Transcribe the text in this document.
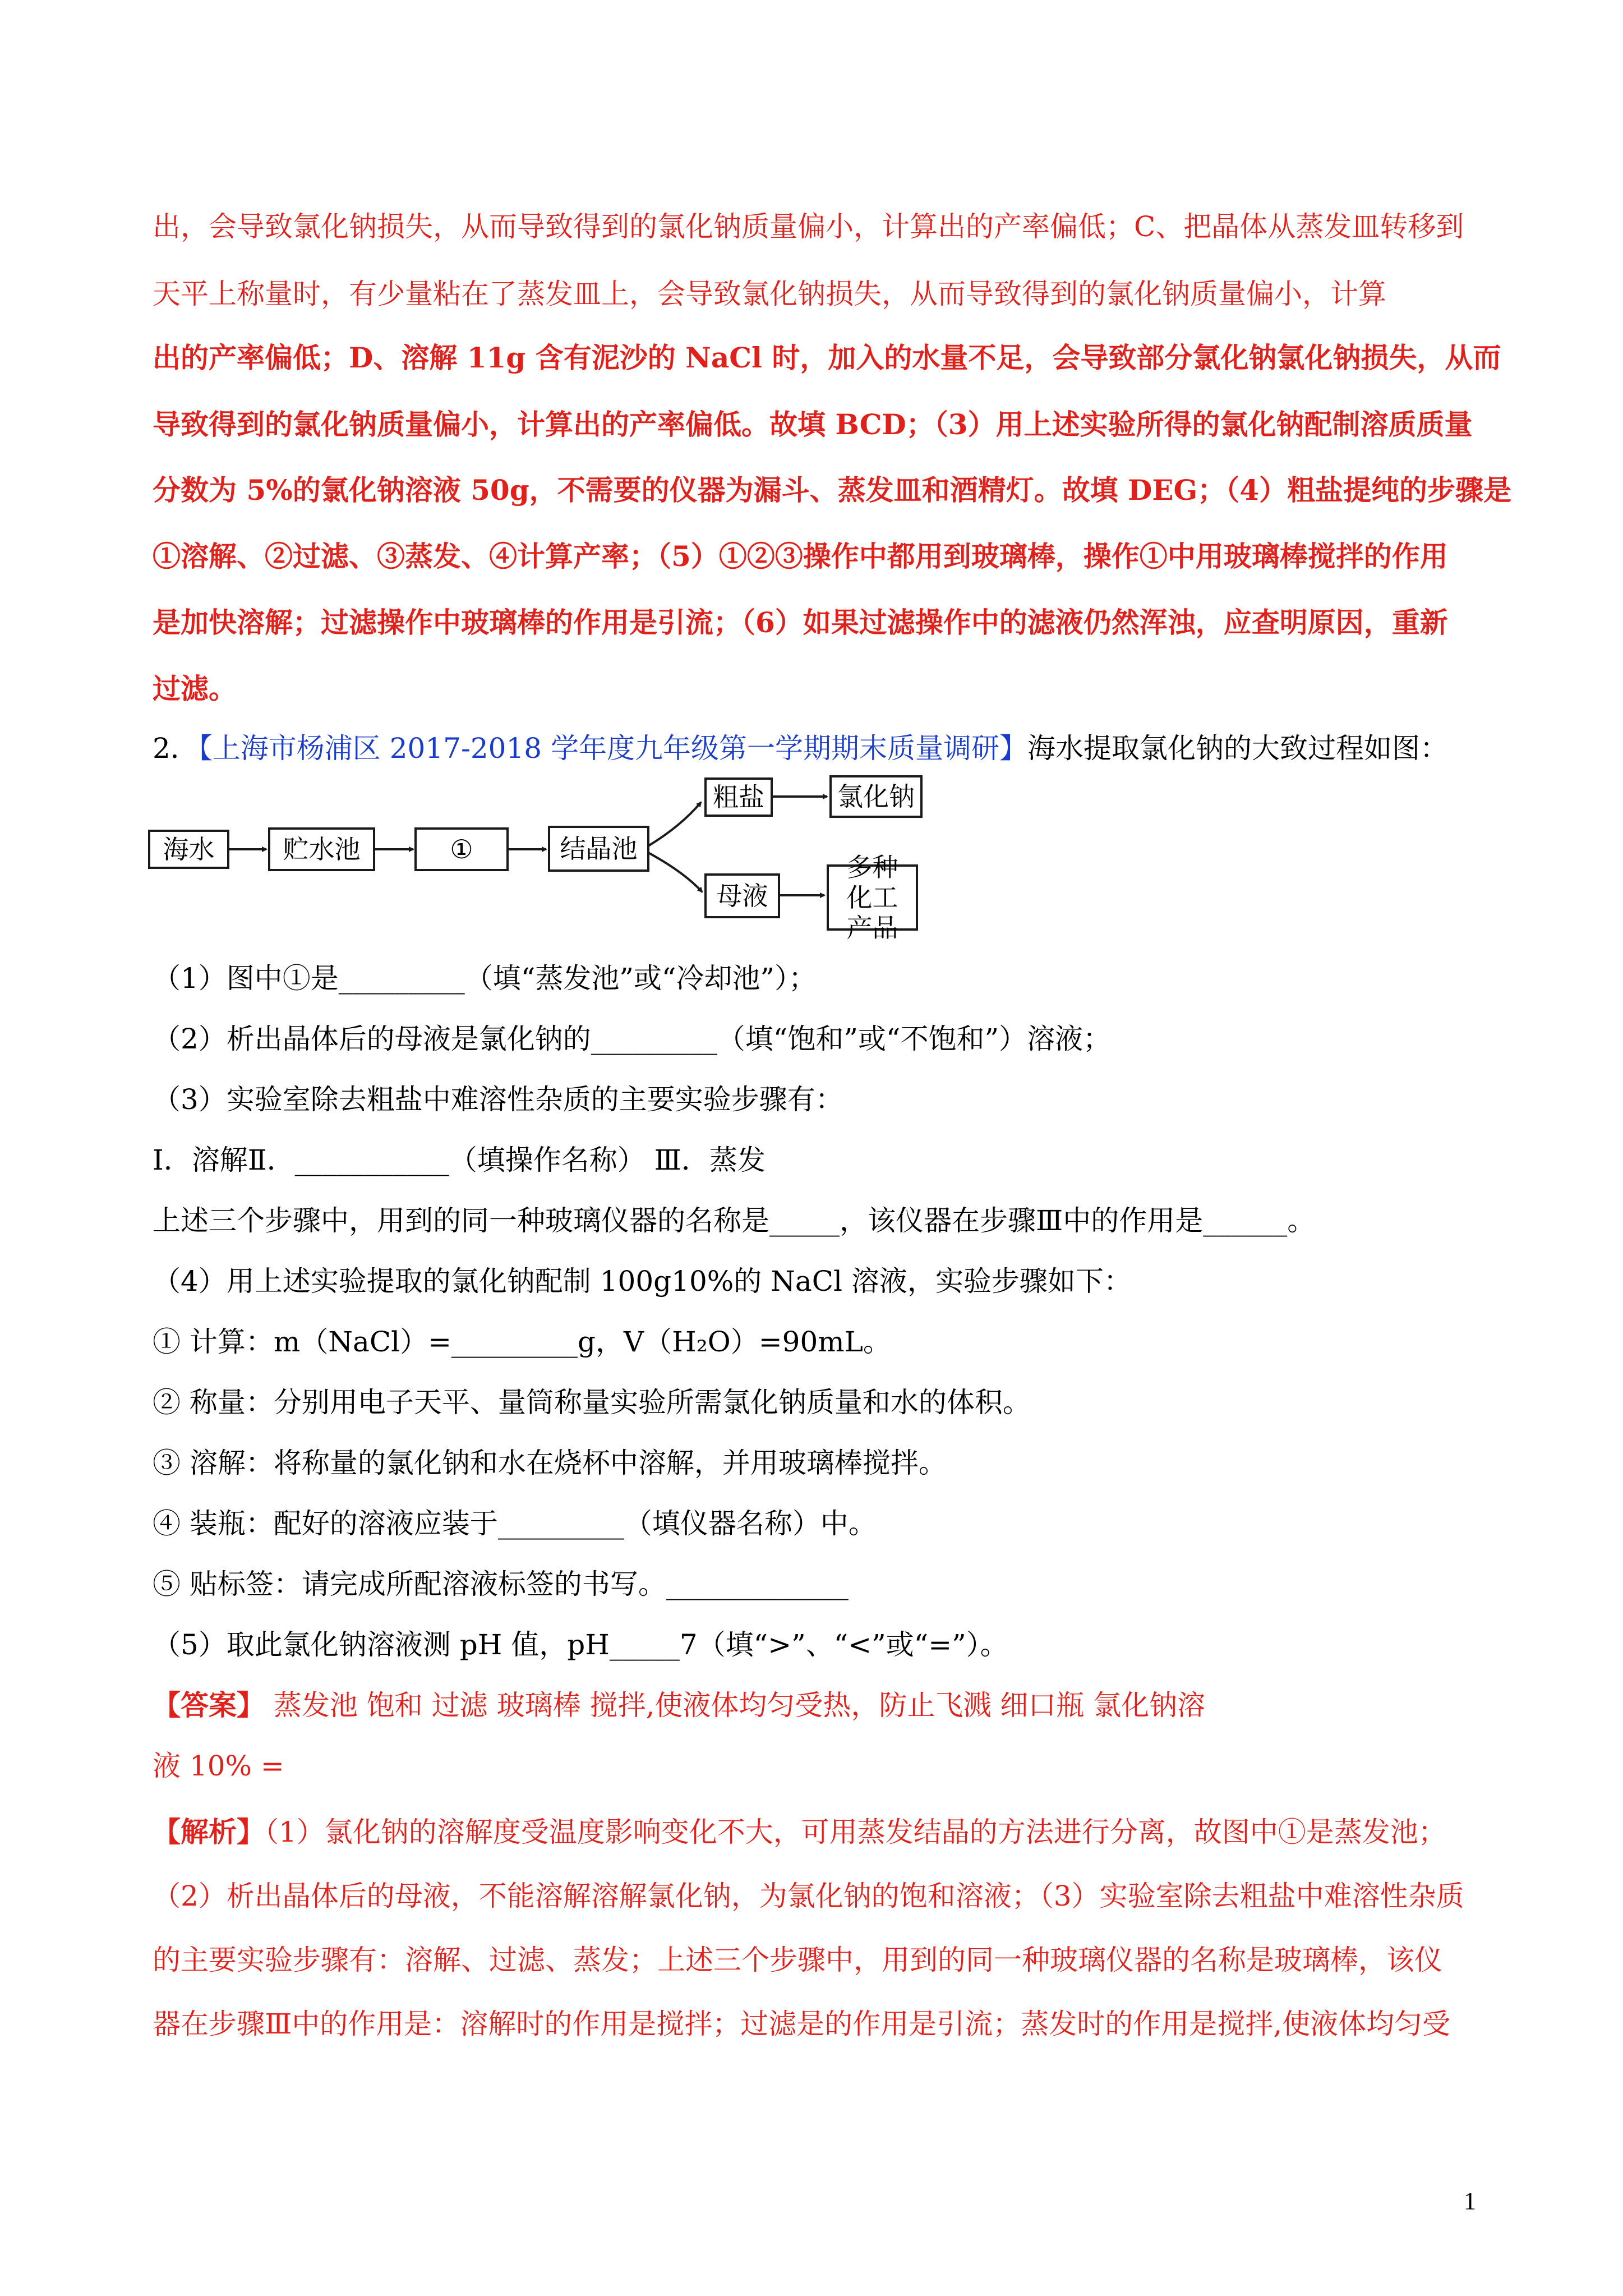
出，会导致氯化钠损失，从而导致得到的氯化钠质量偏小，计算出的产率偏低；C、把晶体从蒸发皿转移到
天平上称量时，有少量粘在了蒸发皿上，会导致氯化钠损失，从而导致得到的氯化钠质量偏小，计算
出的产率偏低；D、溶解 11g 含有泥沙的 NaCl 时，加入的水量不足，会导致部分氯化钠氯化钠损失，从而
导致得到的氯化钠质量偏小，计算出的产率偏低。故填 BCD；（3）用上述实验所得的氯化钠配制溶质质量
分数为 5%的氯化钠溶液 50g，不需要的仪器为漏斗、蒸发皿和酒精灯。故填 DEG；（4）粗盐提纯的步骤是
①溶解、②过滤、③蒸发、④计算产率；（5）①②③操作中都用到玻璃棒，操作①中用玻璃棒搅拌的作用
是加快溶解；过滤操作中玻璃棒的作用是引流；（6）如果过滤操作中的滤液仍然浑浊，应查明原因，重新
过滤。
2．【上海市杨浦区 2017-2018 学年度九年级第一学期期末质量调研】海水提取氯化钠的大致过程如图：
海水	贮水池	①	结晶池
粗盐	氯化钠
母液
多种化工产品
（1）图中①是_________（填“蒸发池”或“冷却池”）；
（2）析出晶体后的母液是氯化钠的_________（填“饱和”或“不饱和”）溶液；
（3）实验室除去粗盐中难溶性杂质的主要实验步骤有：
Ⅰ．溶解Ⅱ．___________（填操作名称） Ⅲ．蒸发
上述三个步骤中，用到的同一种玻璃仪器的名称是_____，该仪器在步骤Ⅲ中的作用是______。
（4）用上述实验提取的氯化钠配制 100g10%的 NaCl 溶液，实验步骤如下：
① 计算：m（NaCl）=_________g，V（H₂O）=90mL。
② 称量：分别用电子天平、量筒称量实验所需氯化钠质量和水的体积。
③ 溶解：将称量的氯化钠和水在烧杯中溶解，并用玻璃棒搅拌。
④ 装瓶：配好的溶液应装于_________（填仪器名称）中。
⑤ 贴标签：请完成所配溶液标签的书写。_____________
（5）取此氯化钠溶液测 pH 值，pH_____7（填“>”、“<”或“=”）。
【答案】 蒸发池 饱和 过滤 玻璃棒 搅拌,使液体均匀受热，防止飞溅 细口瓶 氯化钠溶
液 10% =
【解析】（1）氯化钠的溶解度受温度影响变化不大，可用蒸发结晶的方法进行分离，故图中①是蒸发池；
（2）析出晶体后的母液，不能溶解溶解氯化钠，为氯化钠的饱和溶液；（3）实验室除去粗盐中难溶性杂质
的主要实验步骤有：溶解、过滤、蒸发；上述三个步骤中，用到的同一种玻璃仪器的名称是玻璃棒，该仪
器在步骤Ⅲ中的作用是：溶解时的作用是搅拌；过滤是的作用是引流；蒸发时的作用是搅拌,使液体均匀受
1
